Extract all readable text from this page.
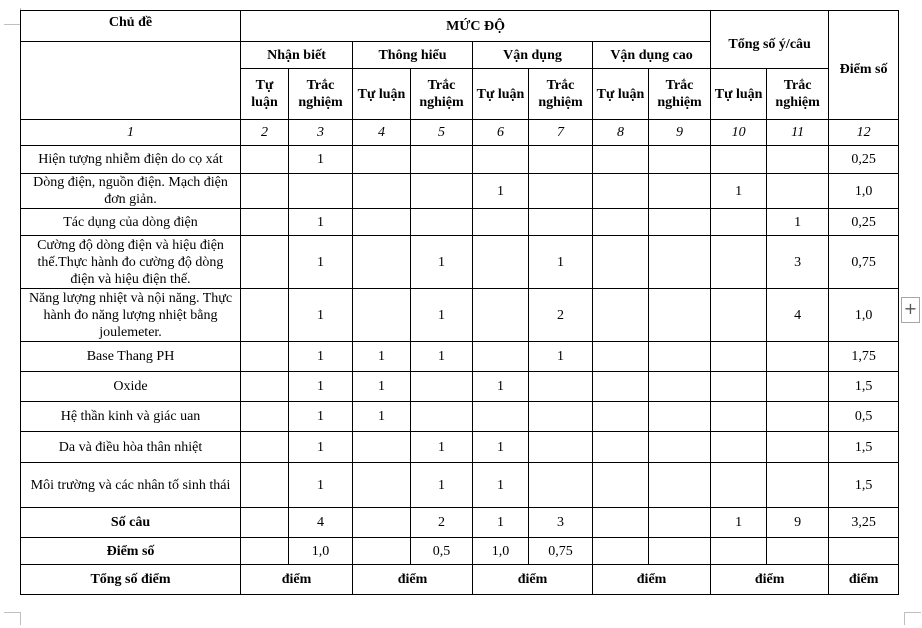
+
Chủ đề	MỨC ĐỘ								Tổng số ý/câu		Điểm số
	Nhận biết		Thông hiểu		Vận dụng		Vận dụng cao				
	Tự luận	Trắc nghiệm	Tự luận	Trắc nghiệm	Tự luận	Trắc nghiệm	Tự luận	Trắc nghiệm	Tự luận	Trắc nghiệm	
1	2	3	4	5	6	7	8	9	10	11	12
Hiện tượng nhiễm điện do cọ xát		1									0,25
Dòng điện, nguồn điện. Mạch điện đơn giản.					1				1		1,0
Tác dụng của dòng điện		1								1	0,25
Cường độ dòng điện và hiệu điện thế.Thực hành đo cường độ dòng điện và hiệu điện thế.		1		1		1				3	0,75
Năng lượng nhiệt và nội năng. Thực hành đo năng lượng nhiệt bằng joulemeter.		1		1		2				4	1,0
Base Thang PH		1	1	1		1					1,75
Oxide		1	1		1						1,5
Hệ thần kinh và giác uan		1	1								0,5
Da và điều hòa thân nhiệt		1		1	1						1,5
Môi trường và các nhân tố sinh thái		1		1	1						1,5
Số câu		4		2	1	3			1	9	3,25
Điểm số		1,0		0,5	1,0	0,75					
Tổng số điểm	điểm		điểm		điểm		điểm		điểm		điểm
